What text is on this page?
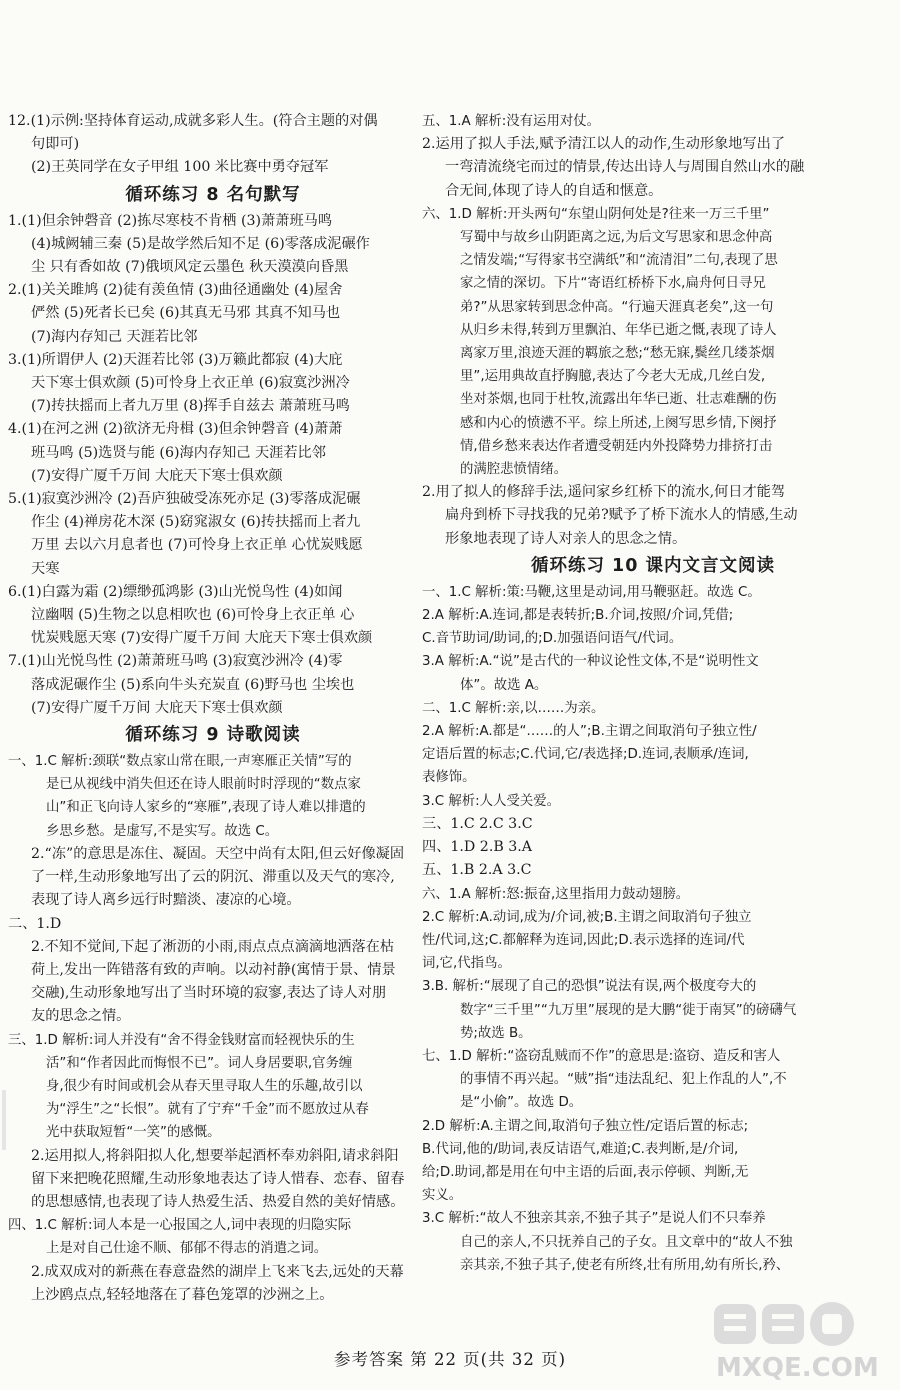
12.(1)示例:坚持体育运动,成就多彩人生。(符合主题的对偶
句即可)
(2)王英同学在女子甲组 100 米比赛中勇夺冠军
循环练习 8 名句默写
1.(1)但余钟磬音 (2)拣尽寒枝不肯栖 (3)萧萧班马鸣
(4)城阙辅三秦 (5)是故学然后知不足 (6)零落成泥碾作
尘 只有香如故 (7)俄顷风定云墨色 秋天漠漠向昏黑
2.(1)关关雎鸠 (2)徒有羡鱼情 (3)曲径通幽处 (4)屋舍
俨然 (5)死者长已矣 (6)其真无马邪 其真不知马也
(7)海内存知己 天涯若比邻
3.(1)所谓伊人 (2)天涯若比邻 (3)万籁此都寂 (4)大庇
天下寒士俱欢颜 (5)可怜身上衣正单 (6)寂寞沙洲冷
(7)抟扶摇而上者九万里 (8)挥手自兹去 萧萧班马鸣
4.(1)在河之洲 (2)欲济无舟楫 (3)但余钟磬音 (4)萧萧
班马鸣 (5)选贤与能 (6)海内存知己 天涯若比邻
(7)安得广厦千万间 大庇天下寒士俱欢颜
5.(1)寂寞沙洲冷 (2)吾庐独破受冻死亦足 (3)零落成泥碾
作尘 (4)禅房花木深 (5)窈窕淑女 (6)抟扶摇而上者九
万里 去以六月息者也 (7)可怜身上衣正单 心忧炭贱愿
天寒
6.(1)白露为霜 (2)缥缈孤鸿影 (3)山光悦鸟性 (4)如闻
泣幽咽 (5)生物之以息相吹也 (6)可怜身上衣正单 心
忧炭贱愿天寒 (7)安得广厦千万间 大庇天下寒士俱欢颜
7.(1)山光悦鸟性 (2)萧萧班马鸣 (3)寂寞沙洲冷 (4)零
落成泥碾作尘 (5)系向牛头充炭直 (6)野马也 尘埃也
(7)安得广厦千万间 大庇天下寒士俱欢颜
循环练习 9 诗歌阅读
一、1.C 解析:颈联“数点家山常在眼,一声寒雁正关情”写的
是已从视线中消失但还在诗人眼前时时浮现的“数点家
山”和正飞向诗人家乡的“寒雁”,表现了诗人难以排遣的
乡思乡愁。是虚写,不是实写。故选 C。
2.“冻”的意思是冻住、凝固。天空中尚有太阳,但云好像凝固
了一样,生动形象地写出了云的阴沉、滞重以及天气的寒冷,
表现了诗人离乡远行时黯淡、凄凉的心境。
二、1.D
2.不知不觉间,下起了淅沥的小雨,雨点点点滴滴地洒落在枯
荷上,发出一阵错落有致的声响。以动衬静(寓情于景、情景
交融),生动形象地写出了当时环境的寂寥,表达了诗人对朋
友的思念之情。
三、1.D 解析:词人并没有“舍不得金钱财富而轻视快乐的生
活”和“作者因此而悔恨不已”。词人身居要职,官务缠
身,很少有时间或机会从春天里寻取人生的乐趣,故引以
为“浮生”之“长恨”。就有了宁弃“千金”而不愿放过从春
光中获取短暂“一笑”的感慨。
2.运用拟人,将斜阳拟人化,想要举起酒杯奉劝斜阳,请求斜阳
留下来把晚花照耀,生动形象地表达了诗人惜春、恋春、留春
的思想感情,也表现了诗人热爱生活、热爱自然的美好情感。
四、1.C 解析:词人本是一心报国之人,词中表现的归隐实际
上是对自己仕途不顺、郁郁不得志的消遣之词。
2.成双成对的新燕在春意盎然的湖岸上飞来飞去,远处的天幕
上沙鸥点点,轻轻地落在了暮色笼罩的沙洲之上。
五、1.A 解析:没有运用对仗。
2.运用了拟人手法,赋予清江以人的动作,生动形象地写出了
一弯清流绕宅而过的情景,传达出诗人与周围自然山水的融
合无间,体现了诗人的自适和惬意。
六、1.D 解析:开头两句“东望山阴何处是?往来一万三千里”
写蜀中与故乡山阴距离之远,为后文写思家和思念仲高
之情发端;“写得家书空满纸”和“流清泪”二句,表现了思
家之情的深切。下片“寄语红桥桥下水,扁舟何日寻兄
弟?”从思家转到思念仲高。“行遍天涯真老矣”,这一句
从归乡未得,转到万里飘泊、年华已逝之慨,表现了诗人
离家万里,浪迹天涯的羁旅之愁;“愁无寐,鬓丝几缕茶烟
里”,运用典故直抒胸臆,表达了今老大无成,几丝白发,
坐对茶烟,也同于杜牧,流露出年华已逝、壮志难酬的伤
感和内心的愤懑不平。综上所述,上阕写思乡情,下阕抒
情,借乡愁来表达作者遭受朝廷内外投降势力排挤打击
的满腔悲愤情绪。
2.用了拟人的修辞手法,遥问家乡红桥下的流水,何日才能驾
扁舟到桥下寻找我的兄弟?赋予了桥下流水人的情感,生动
形象地表现了诗人对亲人的思念之情。
循环练习 10 课内文言文阅读
一、1.C 解析:策:马鞭,这里是动词,用马鞭驱赶。故选 C。
2.A 解析:A.连词,都是表转折;B.介词,按照/介词,凭借;
C.音节助词/助词,的;D.加强语问语气/代词。
3.A 解析:A.“说”是古代的一种议论性文体,不是“说明性文
体”。故选 A。
二、1.C 解析:亲,以……为亲。
2.A 解析:A.都是“……的人”;B.主谓之间取消句子独立性/
定语后置的标志;C.代词,它/表选择;D.连词,表顺承/连词,
表修饰。
3.C 解析:人人受关爱。
三、1.C 2.C 3.C
四、1.D 2.B 3.A
五、1.B 2.A 3.C
六、1.A 解析:怒:振奋,这里指用力鼓动翅膀。
2.C 解析:A.动词,成为/介词,被;B.主谓之间取消句子独立
性/代词,这;C.都解释为连词,因此;D.表示选择的连词/代
词,它,代指鸟。
3.B. 解析:“展现了自己的恐惧”说法有误,两个极度夸大的
数字“三千里”“九万里”展现的是大鹏“徙于南冥”的磅礴气
势;故选 B。
七、1.D 解析:“盗窃乱贼而不作”的意思是:盗窃、造反和害人
的事情不再兴起。“贼”指“违法乱纪、犯上作乱的人”,不
是“小偷”。故选 D。
2.D 解析:A.主谓之间,取消句子独立性/定语后置的标志;
B.代词,他的/助词,表反诘语气,难道;C.表判断,是/介词,
给;D.助词,都是用在句中主语的后面,表示停顿、判断,无
实义。
3.C 解析:“故人不独亲其亲,不独子其子”是说人们不只奉养
自己的亲人,不只抚养自己的子女。且文章中的“故人不独
亲其亲,不独子其子,使老有所终,壮有所用,幼有所长,矜、
参考答案 第 22 页(共 32 页)	MXQE.COM
